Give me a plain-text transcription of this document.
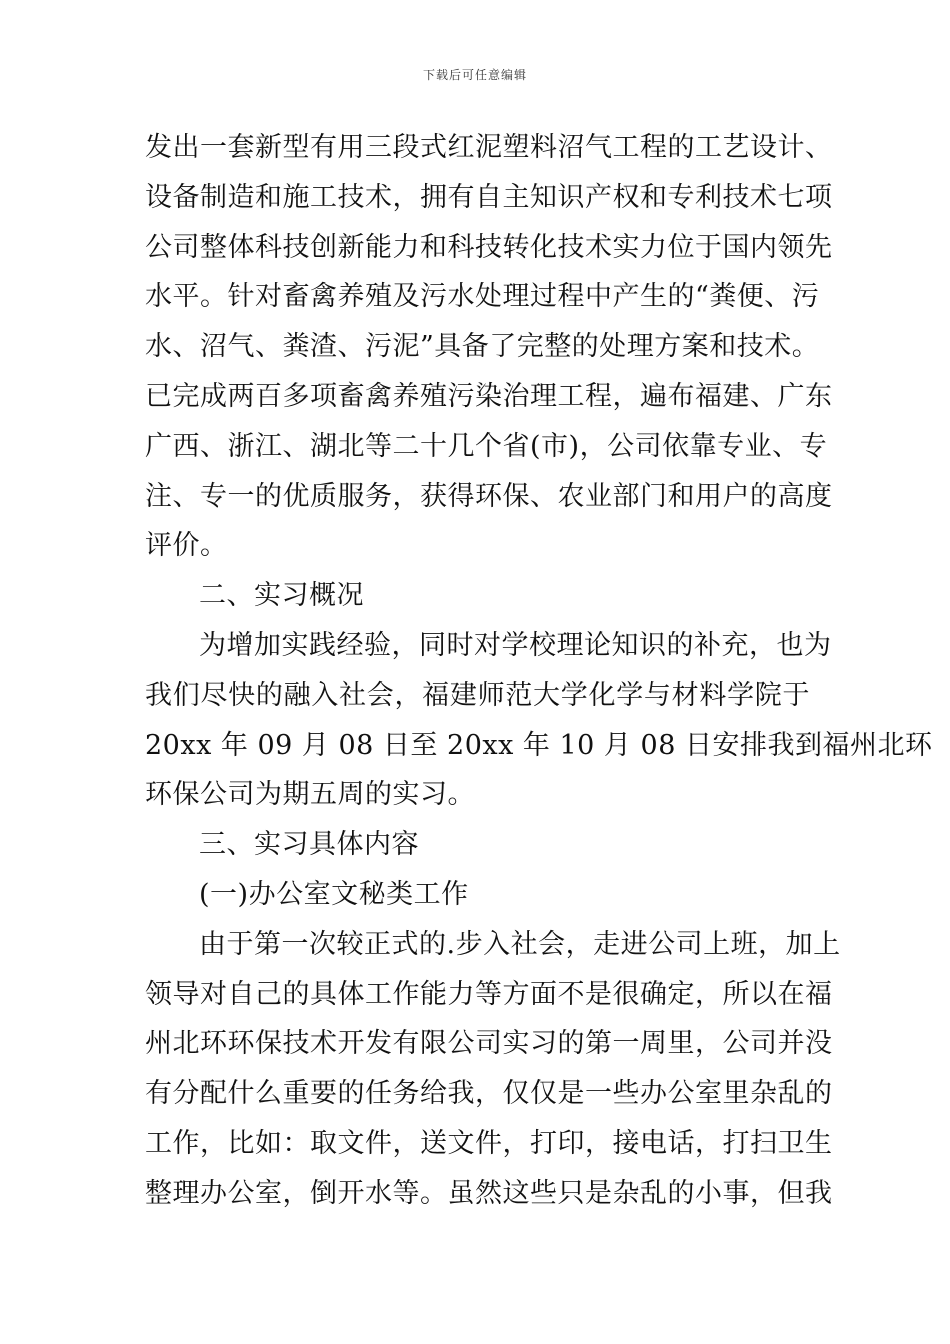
下载后可任意编辑
发出一套新型有用三段式红泥塑料沼气工程的工艺设计、
设备制造和施工技术，拥有自主知识产权和专利技术七项
公司整体科技创新能力和科技转化技术实力位于国内领先
水平。针对畜禽养殖及污水处理过程中产生的“粪便、污
水、沼气、粪渣、污泥”具备了完整的处理方案和技术。
已完成两百多项畜禽养殖污染治理工程，遍布福建、广东
广西、浙江、湖北等二十几个省(市)，公司依靠专业、专
注、专一的优质服务，获得环保、农业部门和用户的高度
评价。
二、实习概况
为增加实践经验，同时对学校理论知识的补充，也为
我们尽快的融入社会，福建师范大学化学与材料学院于
20xx 年 09 月 08 日至 20xx 年 10 月 08 日安排我到福州北环
环保公司为期五周的实习。
三、实习具体内容
(一)办公室文秘类工作
由于第一次较正式的.步入社会，走进公司上班，加上
领导对自己的具体工作能力等方面不是很确定，所以在福
州北环环保技术开发有限公司实习的第一周里，公司并没
有分配什么重要的任务给我，仅仅是一些办公室里杂乱的
工作，比如：取文件，送文件，打印，接电话，打扫卫生
整理办公室，倒开水等。虽然这些只是杂乱的小事，但我
